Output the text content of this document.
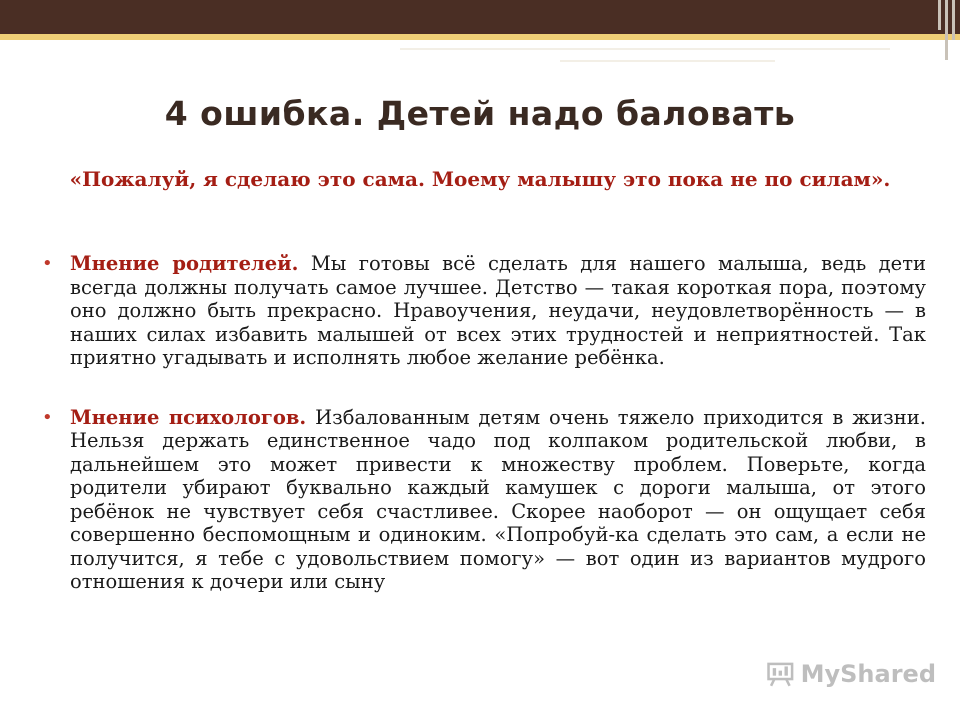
4 ошибка. Детей надо баловать
«Пожалуй, я сделаю это сама. Моему малышу это пока не по силам».
• Мнение родителей. Мы готовы всё сделать для нашего малыша, ведь дети всегда должны получать самое лучшее. Детство — такая короткая пора, поэтому оно должно быть прекрасно. Нравоучения, неудачи, неудовлетворённость — в наших силах избавить малышей от всех этих трудностей и неприятностей. Так приятно угадывать и исполнять любое желание ребёнка.
• Мнение психологов. Избалованным детям очень тяжело приходится в жизни. Нельзя держать единственное чадо под колпаком родительской любви, в дальнейшем это может привести к множеству проблем. Поверьте, когда родители убирают буквально каждый камушек с дороги малыша, от этого ребёнок не чувствует себя счастливее. Скорее наоборот — он ощущает себя совершенно беспомощным и одиноким. «Попробуй-ка сделать это сам, а если не получится, я тебе с удовольствием помогу» — вот один из вариантов мудрого отношения к дочери или сыну
MyShared
